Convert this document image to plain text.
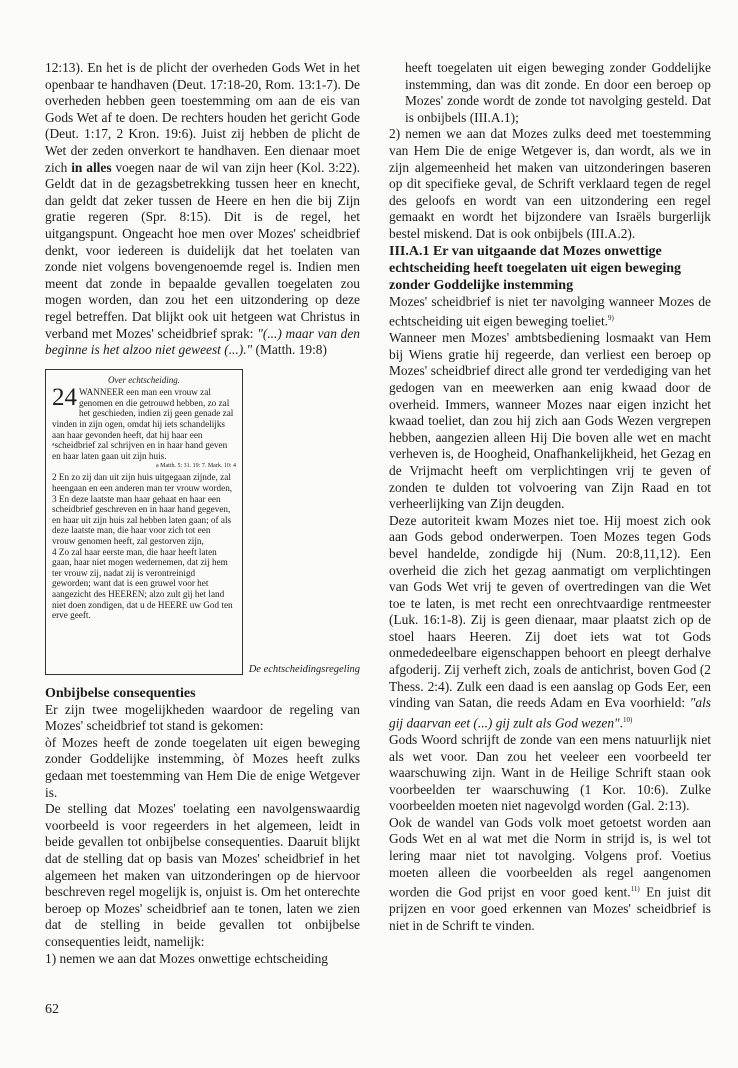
12:13). En het is de plicht der overheden Gods Wet in het openbaar te handhaven (Deut. 17:18-20, Rom. 13:1-7). De overheden hebben geen toestemming om aan de eis van Gods Wet af te doen. De rechters houden het gericht Gode (Deut. 1:17, 2 Kron. 19:6). Juist zij hebben de plicht de Wet der zeden onverkort te handhaven. Een dienaar moet zich in alles voegen naar de wil van zijn heer (Kol. 3:22). Geldt dat in de gezagsbetrekking tussen heer en knecht, dan geldt dat zeker tussen de Heere en hen die bij Zijn gratie regeren (Spr. 8:15). Dit is de regel, het uitgangspunt. Ongeacht hoe men over Mozes' scheidbrief denkt, voor iedereen is duidelijk dat het toelaten van zonde niet volgens bovengenoemde regel is. Indien men meent dat zonde in bepaalde gevallen toegelaten zou mogen worden, dan zou het een uitzondering op deze regel betreffen. Dat blijkt ook uit hetgeen wat Christus in verband met Mozes' scheidbrief sprak: "(...) maar van den beginne is het alzoo niet geweest (...)." (Matth. 19:8)

Over echtscheiding.

24 WANNEER een man een vrouw zal genomen en die getrouwd hebben, zo zal het geschieden, indien zij geen genade zal vinden in zijn ogen, omdat hij iets schandelijks aan haar gevonden heeft, dat hij haar een ᵃscheidbrief zal schrijven en in haar hand geven en haar laten gaan uit zijn huis.

a Matth. 5: 31. 19: 7. Mark. 10: 4

2 En zo zij dan uit zijn huis uitgegaan zijnde, zal heengaan en een anderen man ter vrouw worden,

3 En deze laatste man haar gehaat en haar een scheidbrief geschreven en in haar hand gegeven, en haar uit zijn huis zal hebben laten gaan; of als deze laatste man, die haar voor zich tot een vrouw genomen heeft, zal gestorven zijn,

4 Zo zal haar eerste man, die haar heeft laten gaan, haar niet mogen wedernemen, dat zij hem ter vrouw zij, nadat zij is verontreinigd geworden; want dat is een gruwel voor het aangezicht des HEEREN; alzo zult gij het land niet doen zondigen, dat u de HEERE uw God ten erve geeft.

De echtscheidingsregeling

Onbijbelse consequenties

Er zijn twee mogelijkheden waardoor de regeling van Mozes' scheidbrief tot stand is gekomen:

òf Mozes heeft de zonde toegelaten uit eigen beweging zonder Goddelijke instemming, òf Mozes heeft zulks gedaan met toestemming van Hem Die de enige Wetgever is.

De stelling dat Mozes' toelating een navolgenswaardig voorbeeld is voor regeerders in het algemeen, leidt in beide gevallen tot onbijbelse consequenties. Daaruit blijkt dat de stelling dat op basis van Mozes' scheidbrief in het algemeen het maken van uitzonderingen op de hiervoor beschreven regel mogelijk is, onjuist is. Om het onterechte beroep op Mozes' scheidbrief aan te tonen, laten we zien dat de stelling in beide gevallen tot onbijbelse consequenties leidt, namelijk:

1) nemen we aan dat Mozes onwettige echtscheiding

heeft toegelaten uit eigen beweging zonder Goddelijke instemming, dan was dit zonde. En door een beroep op Mozes' zonde wordt de zonde tot navolging gesteld. Dat is onbijbels (III.A.1);

2) nemen we aan dat Mozes zulks deed met toestemming van Hem Die de enige Wetgever is, dan wordt, als we in zijn algemeenheid het maken van uitzonderingen baseren op dit specifieke geval, de Schrift verklaard tegen de regel des geloofs en wordt van een uitzondering een regel gemaakt en wordt het bijzondere van Israëls burgerlijk bestel miskend. Dat is ook onbijbels (III.A.2).

III.A.1 Er van uitgaande dat Mozes onwettige echtscheiding heeft toegelaten uit eigen beweging zonder Goddelijke instemming

Mozes' scheidbrief is niet ter navolging wanneer Mozes de echtscheiding uit eigen beweging toeliet.$^{9)}$

Wanneer men Mozes' ambtsbediening losmaakt van Hem bij Wiens gratie hij regeerde, dan verliest een beroep op Mozes' scheidbrief direct alle grond ter verdediging van het gedogen van en meewerken aan enig kwaad door de overheid. Immers, wanneer Mozes naar eigen inzicht het kwaad toeliet, dan zou hij zich aan Gods Wezen vergrepen hebben, aangezien alleen Hij Die boven alle wet en macht verheven is, de Hoogheid, Onafhankelijkheid, het Gezag en de Vrijmacht heeft om verplichtingen vrij te geven of zonden te dulden tot volvoering van Zijn Raad en tot verheerlijking van Zijn deugden.

Deze autoriteit kwam Mozes niet toe. Hij moest zich ook aan Gods gebod onderwerpen. Toen Mozes tegen Gods bevel handelde, zondigde hij (Num. 20:8,11,12). Een overheid die zich het gezag aanmatigt om verplichtingen van Gods Wet vrij te geven of overtredingen van die Wet toe te laten, is met recht een onrechtvaardige rentmeester (Luk. 16:1-8). Zij is geen dienaar, maar plaatst zich op de stoel haars Heeren. Zij doet iets wat tot Gods onmededeelbare eigenschappen behoort en pleegt derhalve afgoderij. Zij verheft zich, zoals de antichrist, boven God (2 Thess. 2:4). Zulk een daad is een aanslag op Gods Eer, een vinding van Satan, die reeds Adam en Eva voorhield: "als gij daarvan eet (...) gij zult als God wezen".$^{10)}$

Gods Woord schrijft de zonde van een mens natuurlijk niet als wet voor. Dan zou het veeleer een voorbeeld ter waarschuwing zijn. Want in de Heilige Schrift staan ook voorbeelden ter waarschuwing (1 Kor. 10:6). Zulke voorbeelden moeten niet nagevolgd worden (Gal. 2:13).

Ook de wandel van Gods volk moet getoetst worden aan Gods Wet en al wat met die Norm in strijd is, is wel tot lering maar niet tot navolging. Volgens prof. Voetius moeten alleen die voorbeelden als regel aangenomen worden die God prijst en voor goed kent.$^{11)}$ En juist dit prijzen en voor goed erkennen van Mozes' scheidbrief is niet in de Schrift te vinden.

62
